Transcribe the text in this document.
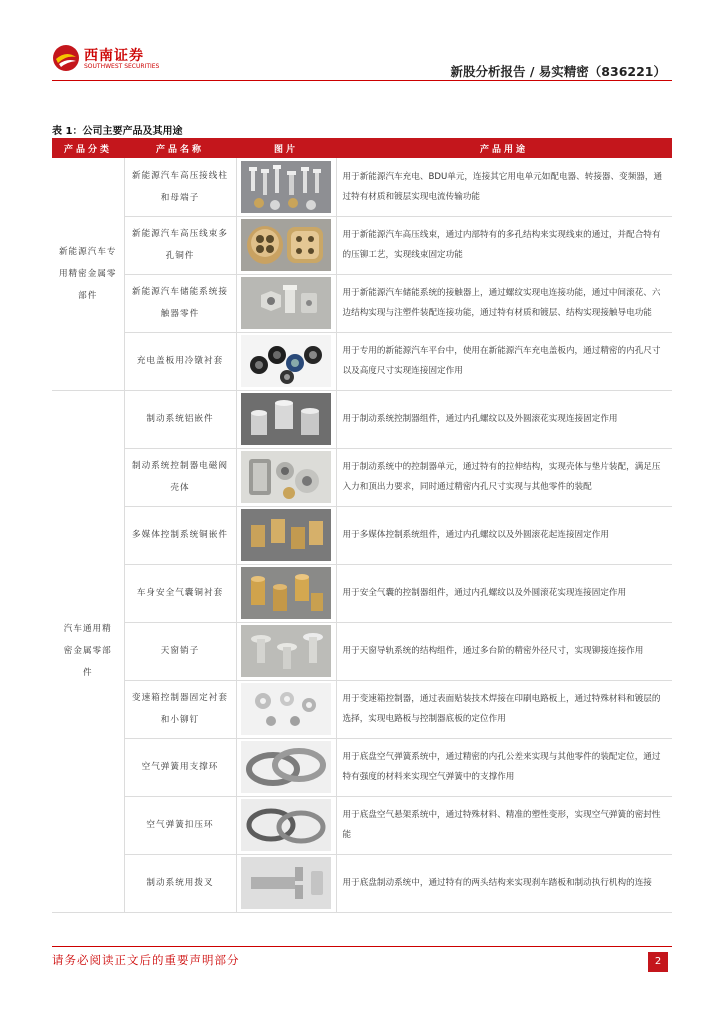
西南证券
SOUTHWEST SECURITIES	新股分析报告 / 易实精密（836221）
表 1：公司主要产品及其用途
产品分类	产品名称	图片	产品用途

新能源汽车专用精密金属零部件	新能源汽车高压接线柱和母端子		用于新能源汽车充电、BDU单元，连接其它用电单元如配电器、转接器、变频器，通过特有材质和镀层实现电流传输功能
	新能源汽车高压线束多孔铜件		用于新能源汽车高压线束，通过内部特有的多孔结构来实现线束的通过，并配合特有的压铆工艺，实现线束固定功能
	新能源汽车储能系统接触器零件		用于新能源汽车储能系统的接触器上，通过螺纹实现电连接功能，通过中间滚花、六边结构实现与注塑件装配连接功能，通过特有材质和镀层、结构实现接触导电功能
	充电盖板用冷镦衬套		用于专用的新能源汽车平台中，使用在新能源汽车充电盖板内，通过精密的内孔尺寸以及高度尺寸实现连接固定作用

汽车通用精密金属零部件	制动系统铝嵌件		用于制动系统控制器组件，通过内孔螺纹以及外圆滚花实现连接固定作用
	制动系统控制器电磁阀壳体		用于制动系统中的控制器单元，通过特有的拉伸结构，实现壳体与垫片装配，满足压入力和顶出力要求，同时通过精密内孔尺寸实现与其他零件的装配
	多媒体控制系统铜嵌件		用于多媒体控制系统组件，通过内孔螺纹以及外圆滚花起连接固定作用
	车身安全气囊铜衬套		用于安全气囊的控制器组件，通过内孔螺纹以及外圆滚花实现连接固定作用
	天窗销子		用于天窗导轨系统的结构组件，通过多台阶的精密外径尺寸，实现铆接连接作用
	变速箱控制器固定衬套和小铆钉		用于变速箱控制器，通过表面贴装技术焊接在印刷电路板上，通过特殊材料和镀层的选择，实现电路板与控制器底板的定位作用
	空气弹簧用支撑环		用于底盘空气弹簧系统中，通过精密的内孔公差来实现与其他零件的装配定位，通过特有强度的材料来实现空气弹簧中的支撑作用
	空气弹簧扣压环		用于底盘空气悬架系统中，通过特殊材料、精准的塑性变形，实现空气弹簧的密封性能
	制动系统用拨叉		用于底盘制动系统中，通过特有的两头结构来实现刹车踏板和制动执行机构的连接
请务必阅读正文后的重要声明部分	2
